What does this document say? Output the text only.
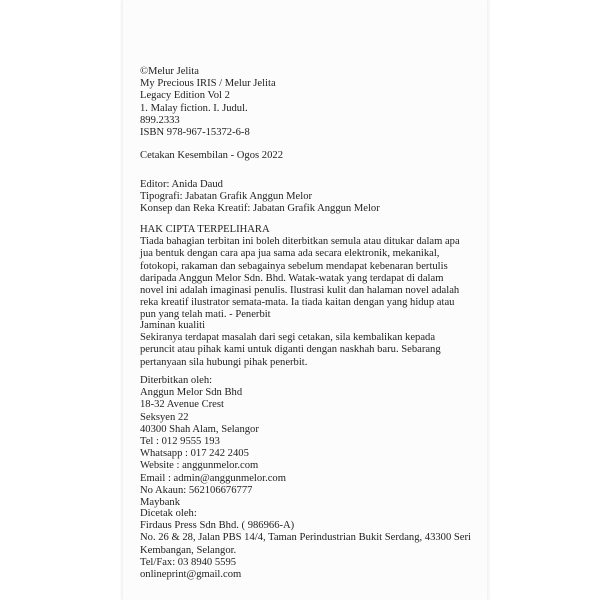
©Melur Jelita
My Precious IRIS / Melur Jelita
Legacy Edition Vol 2
1. Malay fiction. I. Judul.
899.2333
ISBN 978-967-15372-6-8
Cetakan Kesembilan - Ogos 2022
Editor: Anida Daud
Tipografi: Jabatan Grafik Anggun Melor
Konsep dan Reka Kreatif: Jabatan Grafik Anggun Melor
HAK CIPTA TERPELIHARA
Tiada bahagian terbitan ini boleh diterbitkan semula atau ditukar dalam apa jua bentuk dengan cara apa jua sama ada secara elektronik, mekanikal, fotokopi, rakaman dan sebagainya sebelum mendapat kebenaran bertulis daripada Anggun Melor Sdn. Bhd. Watak-watak yang terdapat di dalam novel ini adalah imaginasi penulis. Ilustrasi kulit dan halaman novel adalah reka kreatif ilustrator semata-mata. Ia tiada kaitan dengan yang hidup atau pun yang telah mati. - Penerbit
Jaminan kualiti
Sekiranya terdapat masalah dari segi cetakan, sila kembalikan kepada peruncit atau pihak kami untuk diganti dengan naskhah baru. Sebarang pertanyaan sila hubungi pihak penerbit.
Diterbitkan oleh:
Anggun Melor Sdn Bhd
18-32 Avenue Crest
Seksyen 22
40300 Shah Alam, Selangor
Tel : 012 9555 193
Whatsapp : 017 242 2405
Website : anggunmelor.com
Email : admin@anggunmelor.com
No Akaun: 562106676777
Maybank
Dicetak oleh:
Firdaus Press Sdn Bhd. ( 986966-A)
No. 26 & 28, Jalan PBS 14/4, Taman Perindustrian Bukit Serdang, 43300 Seri
Kembangan, Selangor.
Tel/Fax: 03 8940 5595
onlineprint@gmail.com
